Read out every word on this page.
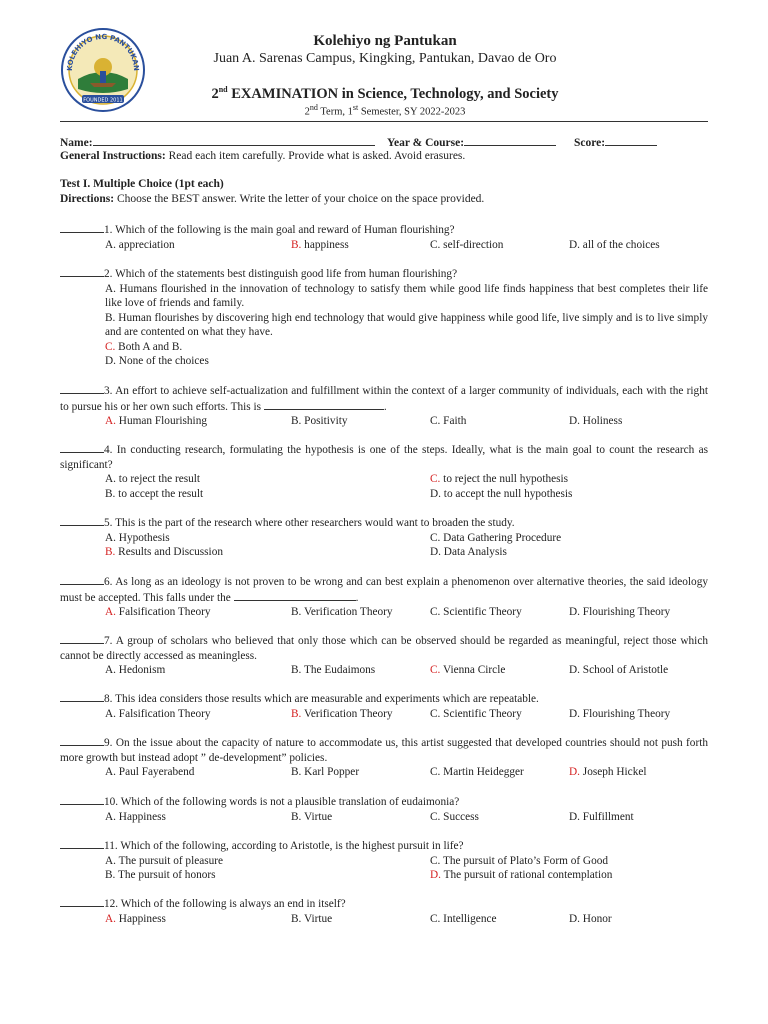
KOLEHIYO NG PANTUKAN
FOUNDED 2011
Kolehiyo ng Pantukan
Juan A. Sarenas Campus, Kingking, Pantukan, Davao de Oro
2nd EXAMINATION in Science, Technology, and Society
2nd Term, 1st Semester, SY 2022-2023
Name:	Year & Course:	Score:
General Instructions: Read each item carefully. Provide what is asked. Avoid erasures.
Test I. Multiple Choice (1pt each)
Directions: Choose the BEST answer. Write the letter of your choice on the space provided.
1. Which of the following is the main goal and reward of Human flourishing?
A. appreciation	B. happiness	C. self-direction	D. all of the choices
2. Which of the statements best distinguish good life from human flourishing?
A. Humans flourished in the innovation of technology to satisfy them while good life finds happiness that best completes their life like love of friends and family.
B. Human flourishes by discovering high end technology that would give happiness while good life, live simply and is to live simply and are contented on what they have.
C. Both A and B.
D. None of the choices
3. An effort to achieve self-actualization and fulfillment within the context of a larger community of individuals, each with the right to pursue his or her own such efforts. This is	.
A. Human Flourishing	B. Positivity	C. Faith	D. Holiness
4. In conducting research, formulating the hypothesis is one of the steps. Ideally, what is the main goal to count the research as significant?
A. to reject the result	C. to reject the null hypothesis
B. to accept the result	D. to accept the null hypothesis
5. This is the part of the research where other researchers would want to broaden the study.
A. Hypothesis	C. Data Gathering Procedure
B. Results and Discussion	D. Data Analysis
6. As long as an ideology is not proven to be wrong and can best explain a phenomenon over alternative theories, the said ideology must be accepted. This falls under the	.
A. Falsification Theory	B. Verification Theory	C. Scientific Theory	D. Flourishing Theory
7. A group of scholars who believed that only those which can be observed should be regarded as meaningful, reject those which cannot be directly accessed as meaningless.
A. Hedonism	B. The Eudaimons	C. Vienna Circle	D. School of Aristotle
8. This idea considers those results which are measurable and experiments which are repeatable.
A. Falsification Theory	B. Verification Theory	C. Scientific Theory	D. Flourishing Theory
9. On the issue about the capacity of nature to accommodate us, this artist suggested that developed countries should not push forth more growth but instead adopt ” de-development” policies.
A. Paul Fayerabend	B. Karl Popper	C. Martin Heidegger	D. Joseph Hickel
10. Which of the following words is not a plausible translation of eudaimonia?
A. Happiness	B. Virtue	C. Success	D. Fulfillment
11. Which of the following, according to Aristotle, is the highest pursuit in life?
A. The pursuit of pleasure	C. The pursuit of Plato’s Form of Good
B. The pursuit of honors	D. The pursuit of rational contemplation
12. Which of the following is always an end in itself?
A. Happiness	B. Virtue	C. Intelligence	D. Honor
